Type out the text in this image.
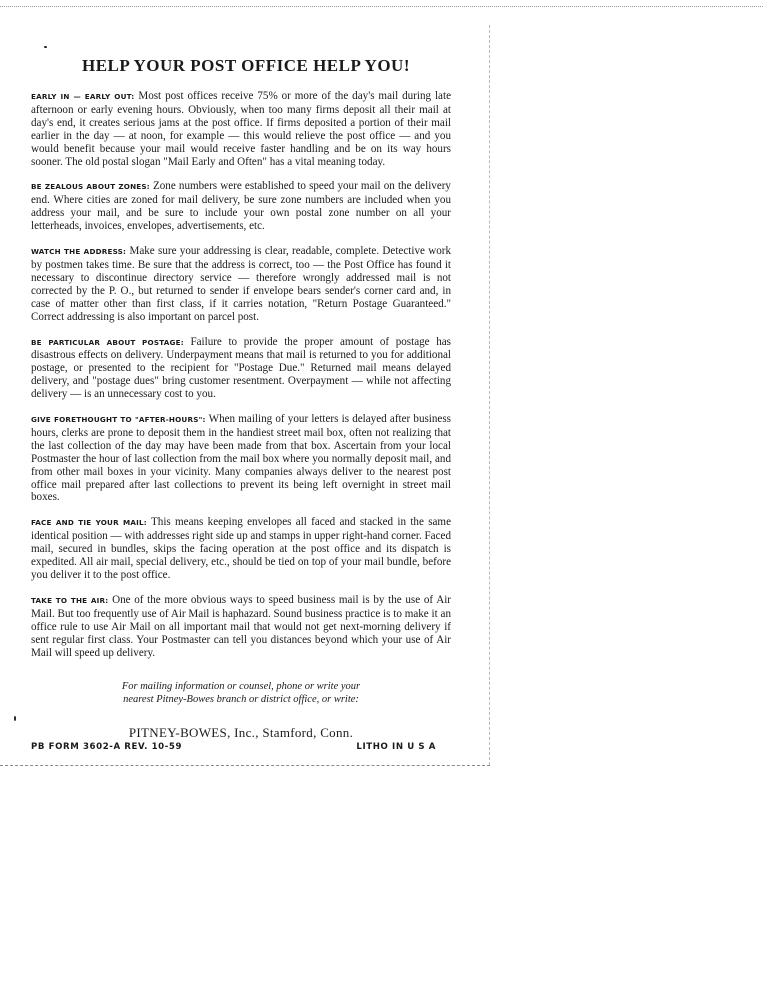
HELP YOUR POST OFFICE HELP YOU!

EARLY IN — EARLY OUT: Most post offices receive 75% or more of the day's mail during late afternoon or early evening hours. Obviously, when too many firms deposit all their mail at day's end, it creates serious jams at the post office. If firms deposited a portion of their mail earlier in the day — at noon, for example — this would relieve the post office — and you would benefit because your mail would receive faster handling and be on its way hours sooner. The old postal slogan "Mail Early and Often" has a vital meaning today.

BE ZEALOUS ABOUT ZONES: Zone numbers were established to speed your mail on the delivery end. Where cities are zoned for mail delivery, be sure zone numbers are included when you address your mail, and be sure to include your own postal zone number on all your letterheads, invoices, envelopes, advertisements, etc.

WATCH THE ADDRESS: Make sure your addressing is clear, readable, complete. Detective work by postmen takes time. Be sure that the address is correct, too — the Post Office has found it necessary to discontinue directory service — therefore wrongly addressed mail is not corrected by the P. O., but returned to sender if envelope bears sender's corner card and, in case of matter other than first class, if it carries notation, "Return Postage Guaranteed." Correct addressing is also important on parcel post.

BE PARTICULAR ABOUT POSTAGE: Failure to provide the proper amount of postage has disastrous effects on delivery. Underpayment means that mail is returned to you for additional postage, or presented to the recipient for "Postage Due." Returned mail means delayed delivery, and "postage dues" bring customer resentment. Overpayment — while not affecting delivery — is an unnecessary cost to you.

GIVE FORETHOUGHT TO "AFTER-HOURS": When mailing of your letters is delayed after business hours, clerks are prone to deposit them in the handiest street mail box, often not realizing that the last collection of the day may have been made from that box. Ascertain from your local Postmaster the hour of last collection from the mail box where you normally deposit mail, and from other mail boxes in your vicinity. Many companies always deliver to the nearest post office mail prepared after last collections to prevent its being left overnight in street mail boxes.

FACE AND TIE YOUR MAIL: This means keeping envelopes all faced and stacked in the same identical position — with addresses right side up and stamps in upper right-hand corner. Faced mail, secured in bundles, skips the facing operation at the post office and its dispatch is expedited. All air mail, special delivery, etc., should be tied on top of your mail bundle, before you deliver it to the post office.

TAKE TO THE AIR: One of the more obvious ways to speed business mail is by the use of Air Mail. But too frequently use of Air Mail is haphazard. Sound business practice is to make it an office rule to use Air Mail on all important mail that would not get next-morning delivery if sent regular first class. Your Postmaster can tell you distances beyond which your use of Air Mail will speed up delivery.

For mailing information or counsel, phone or write your
nearest Pitney-Bowes branch or district office, or write:
PITNEY-BOWES, Inc., Stamford, Conn.
PB FORM 3602-A REV. 10-59	LITHO IN U S A
